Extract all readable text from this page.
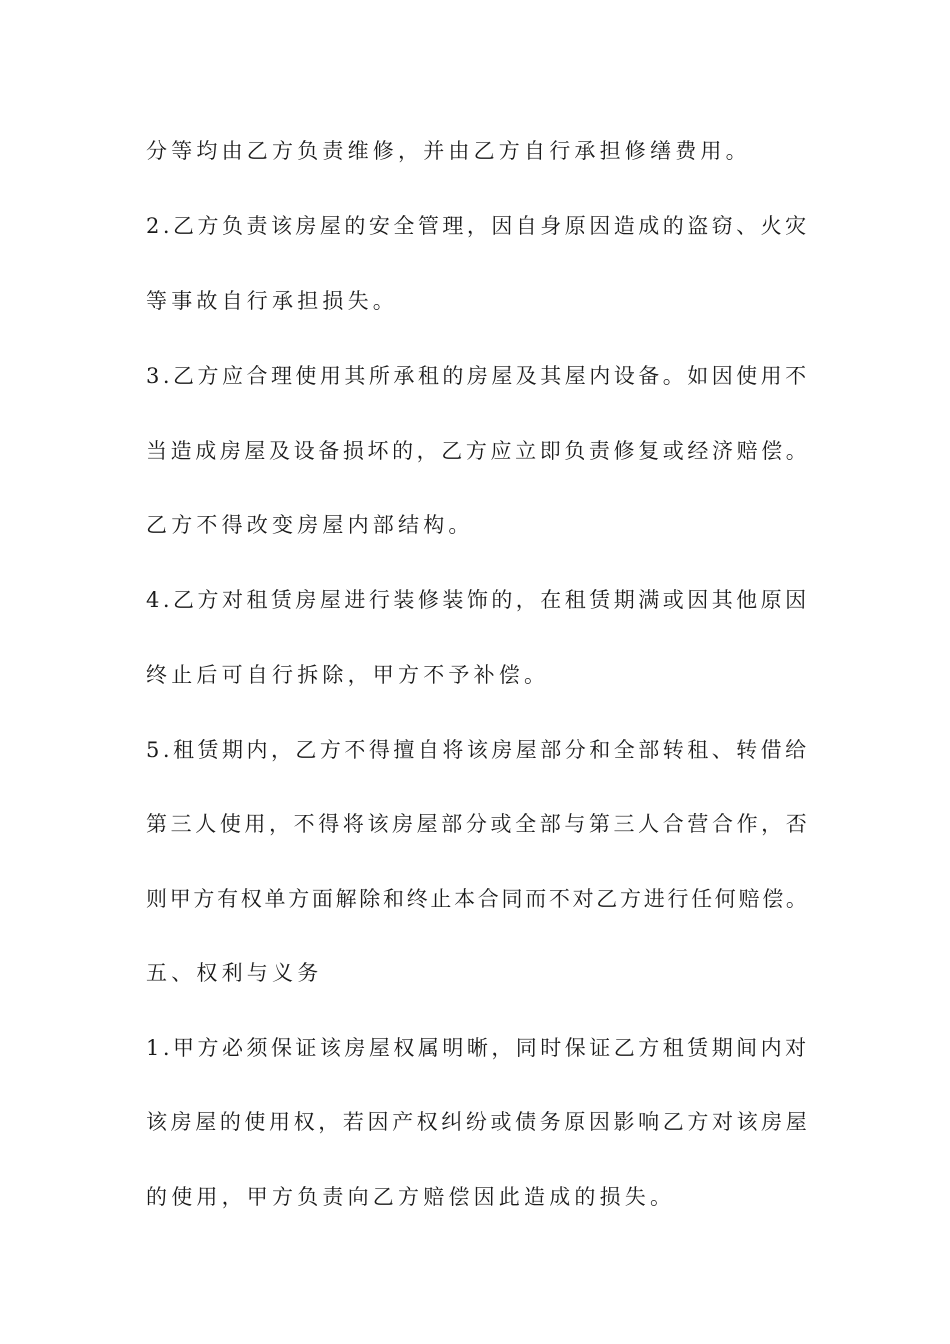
分等均由乙方负责维修，并由乙方自行承担修缮费用。
2.乙方负责该房屋的安全管理，因自身原因造成的盗窃、火灾
等事故自行承担损失。
3.乙方应合理使用其所承租的房屋及其屋内设备。如因使用不
当造成房屋及设备损坏的，乙方应立即负责修复或经济赔偿。
乙方不得改变房屋内部结构。
4.乙方对租赁房屋进行装修装饰的，在租赁期满或因其他原因
终止后可自行拆除，甲方不予补偿。
5.租赁期内，乙方不得擅自将该房屋部分和全部转租、转借给
第三人使用，不得将该房屋部分或全部与第三人合营合作，否
则甲方有权单方面解除和终止本合同而不对乙方进行任何赔偿。
五、权利与义务
1.甲方必须保证该房屋权属明晰，同时保证乙方租赁期间内对
该房屋的使用权，若因产权纠纷或债务原因影响乙方对该房屋
的使用，甲方负责向乙方赔偿因此造成的损失。
